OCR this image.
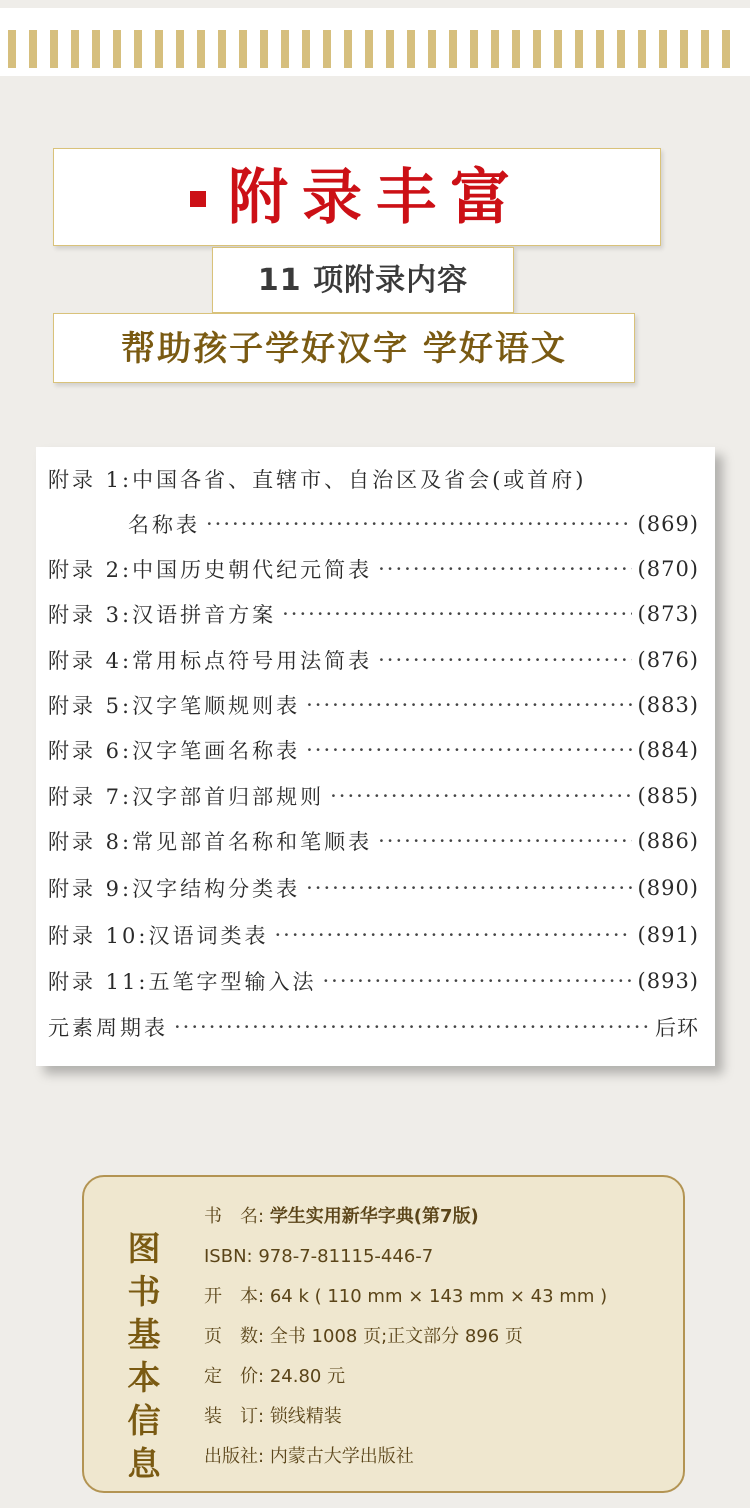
附录丰富
11 项附录内容
帮助孩子学好汉字 学好语文
附录 1:中国各省、直辖市、自治区及省会(或首府)
名称表 ·····	(869)
附录 2:中国历史朝代纪元简表 ·····	(870)
附录 3:汉语拼音方案 ·····	(873)
附录 4:常用标点符号用法简表 ·····	(876)
附录 5:汉字笔顺规则表 ·····	(883)
附录 6:汉字笔画名称表 ·····	(884)
附录 7:汉字部首归部规则 ·····	(885)
附录 8:常见部首名称和笔顺表 ·····	(886)
附录 9:汉字结构分类表 ·····	(890)
附录 10:汉语词类表 ·····	(891)
附录 11:五笔字型输入法 ·····	(893)
元素周期表 ·····	后环
图
书
基
本
信
息
书　名: 学生实用新华字典(第7版)
ISBN: 978-7-81115-446-7
开　本: 64 k ( 110 mm × 143 mm × 43 mm )
页　数: 全书 1008 页;正文部分 896 页
定　价: 24.80 元
装　订: 锁线精装
出版社: 内蒙古大学出版社
